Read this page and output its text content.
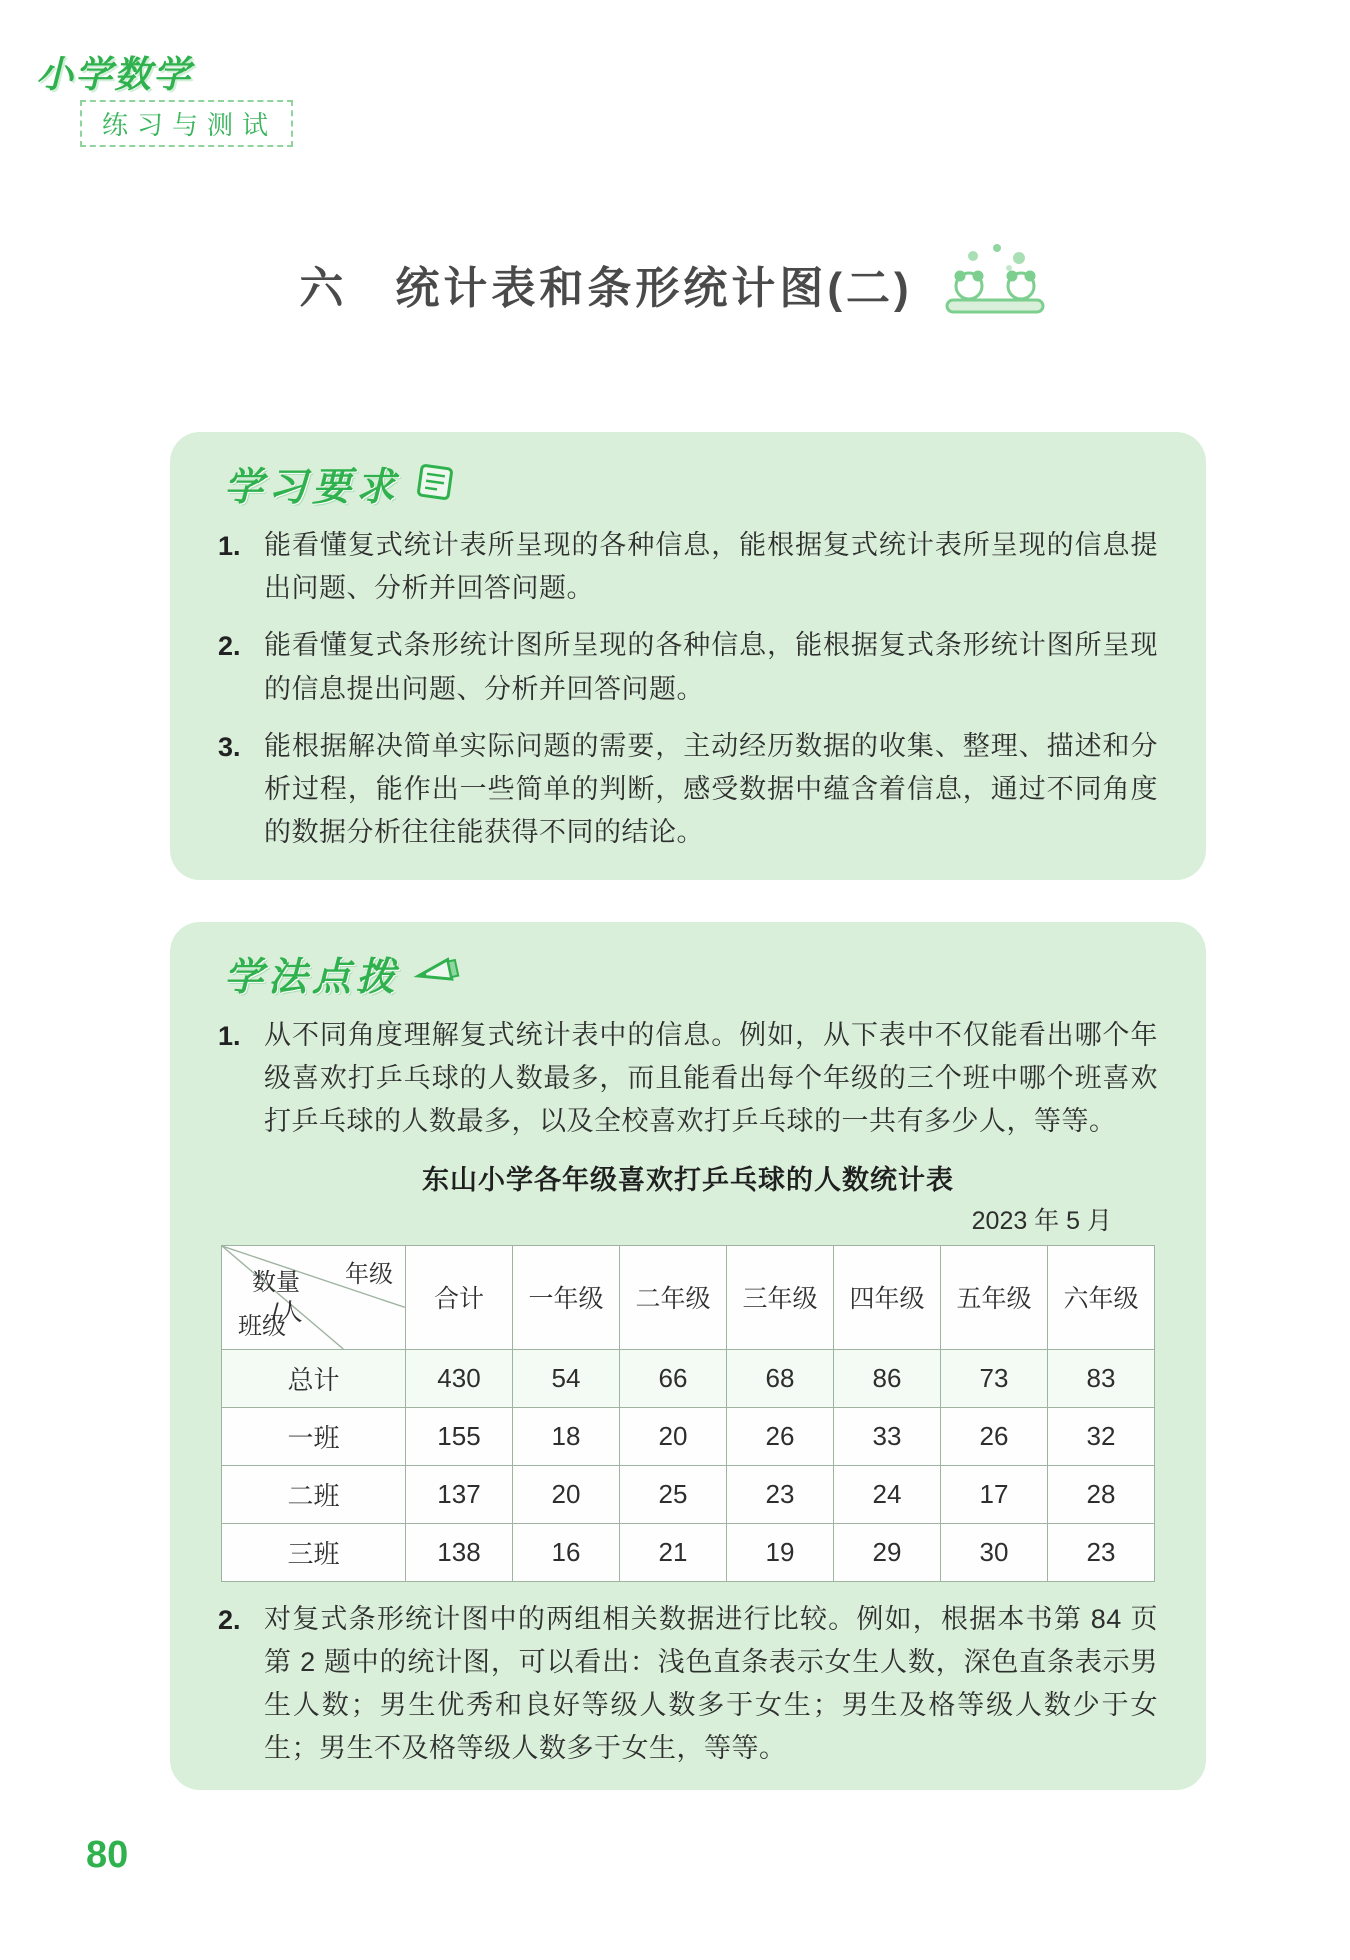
小学数学
练习与测试
六　统计表和条形统计图(二)
学习要求
1. 能看懂复式统计表所呈现的各种信息，能根据复式统计表所呈现的信息提出问题、分析并回答问题。

2. 能看懂复式条形统计图所呈现的各种信息，能根据复式条形统计图所呈现的信息提出问题、分析并回答问题。

3. 能根据解决简单实际问题的需要，主动经历数据的收集、整理、描述和分析过程，能作出一些简单的判断，感受数据中蕴含着信息，通过不同角度的数据分析往往能获得不同的结论。

学法点拨
1. 从不同角度理解复式统计表中的信息。例如，从下表中不仅能看出哪个年级喜欢打乒乓球的人数最多，而且能看出每个年级的三个班中哪个班喜欢打乒乓球的人数最多，以及全校喜欢打乒乓球的一共有多少人，等等。

东山小学各年级喜欢打乒乓球的人数统计表
2023 年 5 月
年级
数量
/人
班级	合计	一年级	二年级	三年级	四年级	五年级	六年级
总计	430	54	66	68	86	73	83
一班	155	18	20	26	33	26	32
二班	137	20	25	23	24	17	28
三班	138	16	21	19	29	30	23
2. 对复式条形统计图中的两组相关数据进行比较。例如，根据本书第 84 页第 2 题中的统计图，可以看出：浅色直条表示女生人数，深色直条表示男生人数；男生优秀和良好等级人数多于女生；男生及格等级人数少于女生；男生不及格等级人数多于女生，等等。

80
